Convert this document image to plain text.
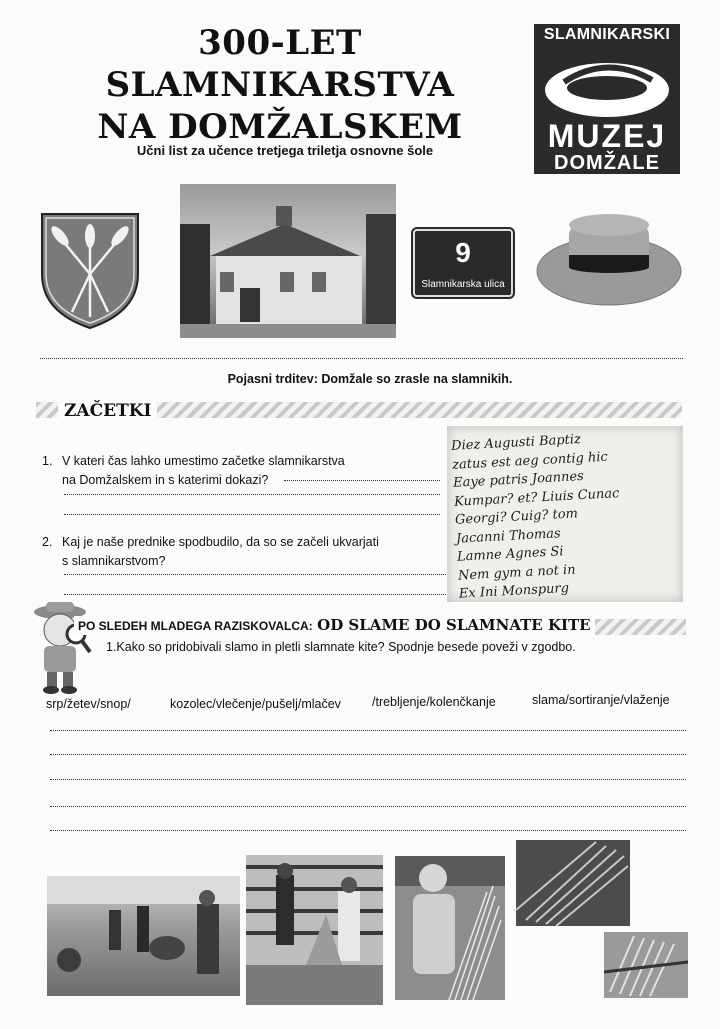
300-LET SLAMNIKARSTVA
NA DOMŽALSKEM
Učni list za učence tretjega triletja osnovne šole
SLAMNIKARSKI
MUZEJ
DOMŽALE
9
Slamnikarska ulica
Pojasni trditev: Domžale so zrasle na slamnikih.
ZAČETKI
1. V kateri čas lahko umestimo začetke slamnikarstva
na Domžalskem in s katerimi dokazi?
2. Kaj je naše prednike spodbudilo, da so se začeli ukvarjati
s slamnikarstvom?
Diez Augusti Baptiz
zatus est aeg contig hic
Eaye patris Joannes
Kumpar? et? Liuis Cunac
Georgi? Cuig? tom
Jacanni Thomas
Lamne Agnes Si
Nem gym a not in
Ex Ini Monspurg
PO SLEDEH MLADEGA RAZISKOVALCA: OD SLAME DO SLAMNATE KITE
1.Kako so pridobivali slamo in pletli slamnate kite? Spodnje besede poveži v zgodbo.
srp/žetev/snop/	kozolec/vlečenje/pušelj/mlačev /trebljenje/kolenčkanje	slama/sortiranje/vlaženje
